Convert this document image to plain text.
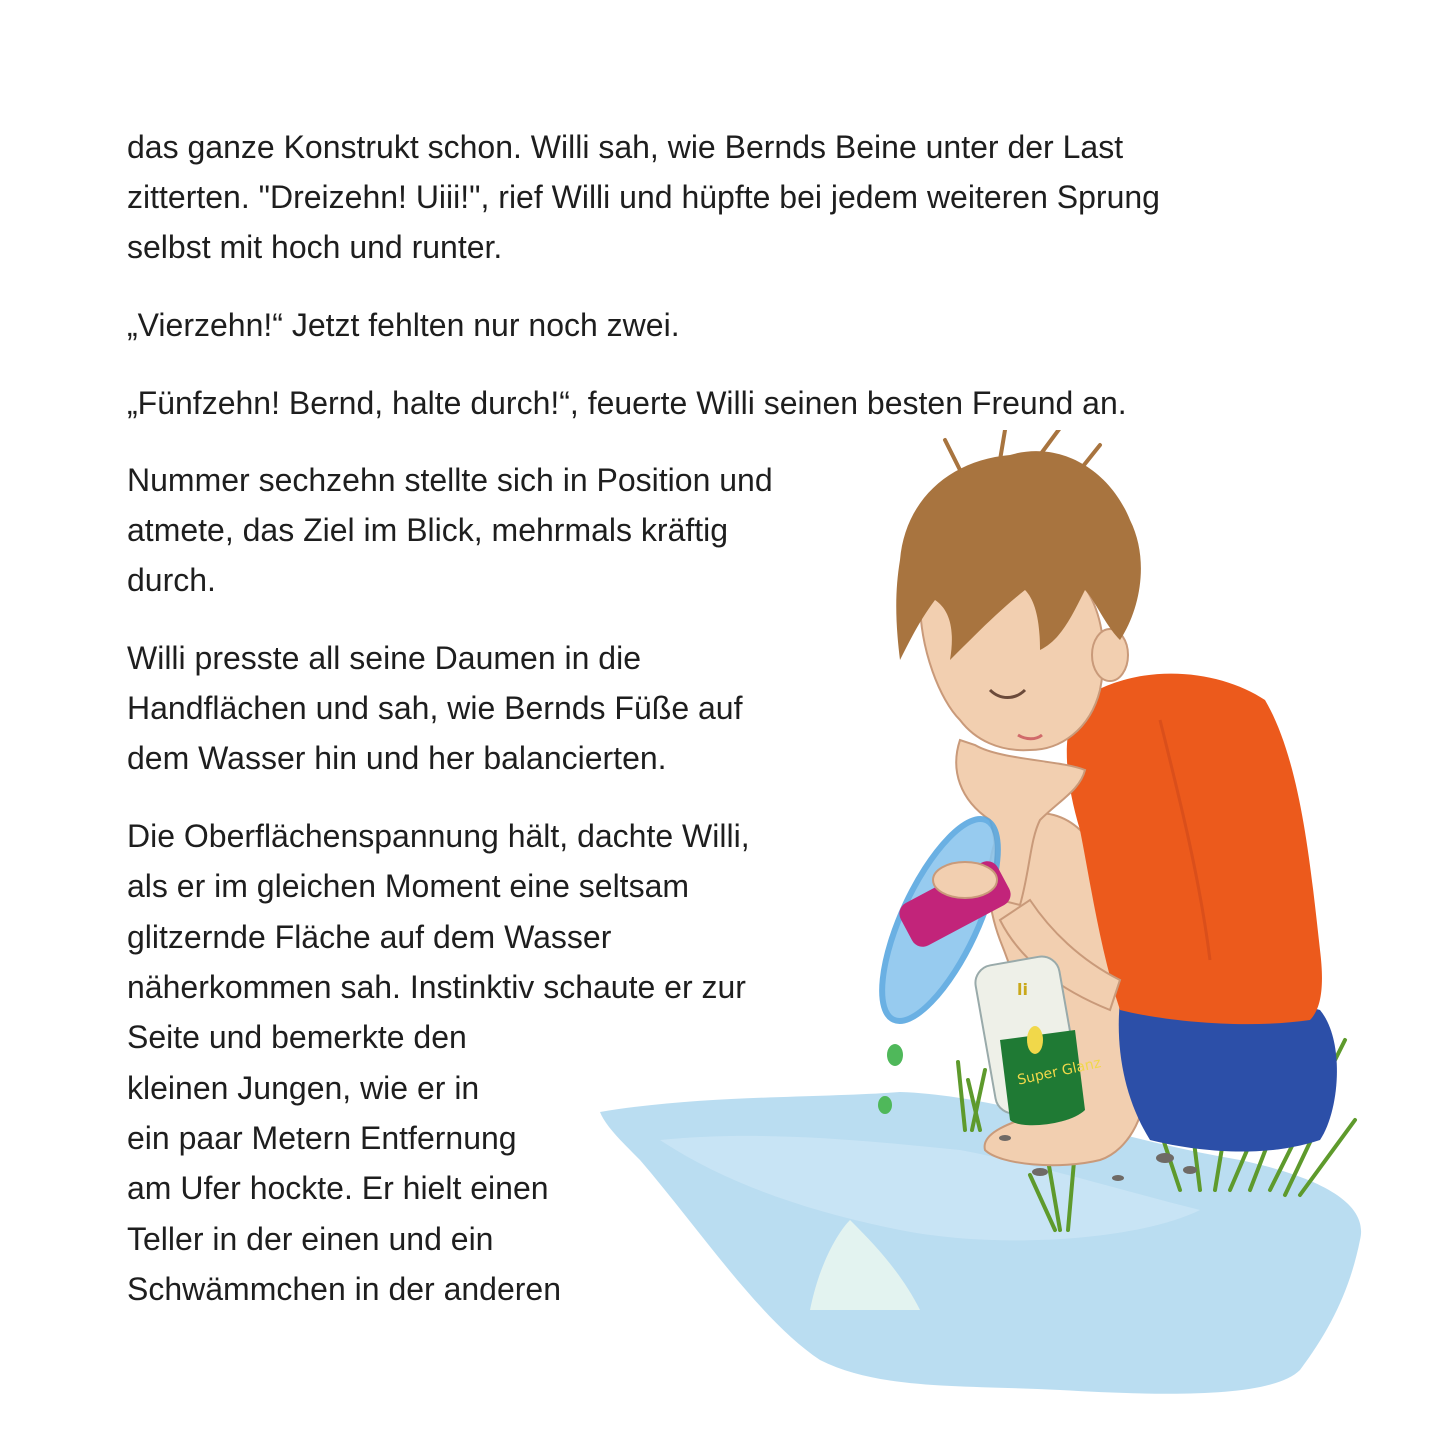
das ganze Konstrukt schon. Willi sah, wie Bernds Beine unter der Last
zitterten. "Dreizehn! Uiii!", rief Willi und hüpfte bei jedem weiteren Sprung
selbst mit hoch und runter.
„Vierzehn!“ Jetzt fehlten nur noch zwei.
„Fünfzehn! Bernd, halte durch!“, feuerte Willi seinen besten Freund an.
Nummer sechzehn stellte sich in Position und
atmete, das Ziel im Blick, mehrmals kräftig
durch.
Willi presste all seine Daumen in die
Handflächen und sah, wie Bernds Füße auf
dem Wasser hin und her balancierten.
Die Oberflächenspannung hält, dachte Willi,
als er im gleichen Moment eine seltsam
glitzernde Fläche auf dem Wasser
näherkommen sah. Instinktiv schaute er zur
Seite und bemerkte den
kleinen Jungen, wie er in
ein paar Metern Entfernung
am Ufer hockte. Er hielt einen
Teller in der einen und ein
Schwämmchen in der anderen
Super Glanz
li
